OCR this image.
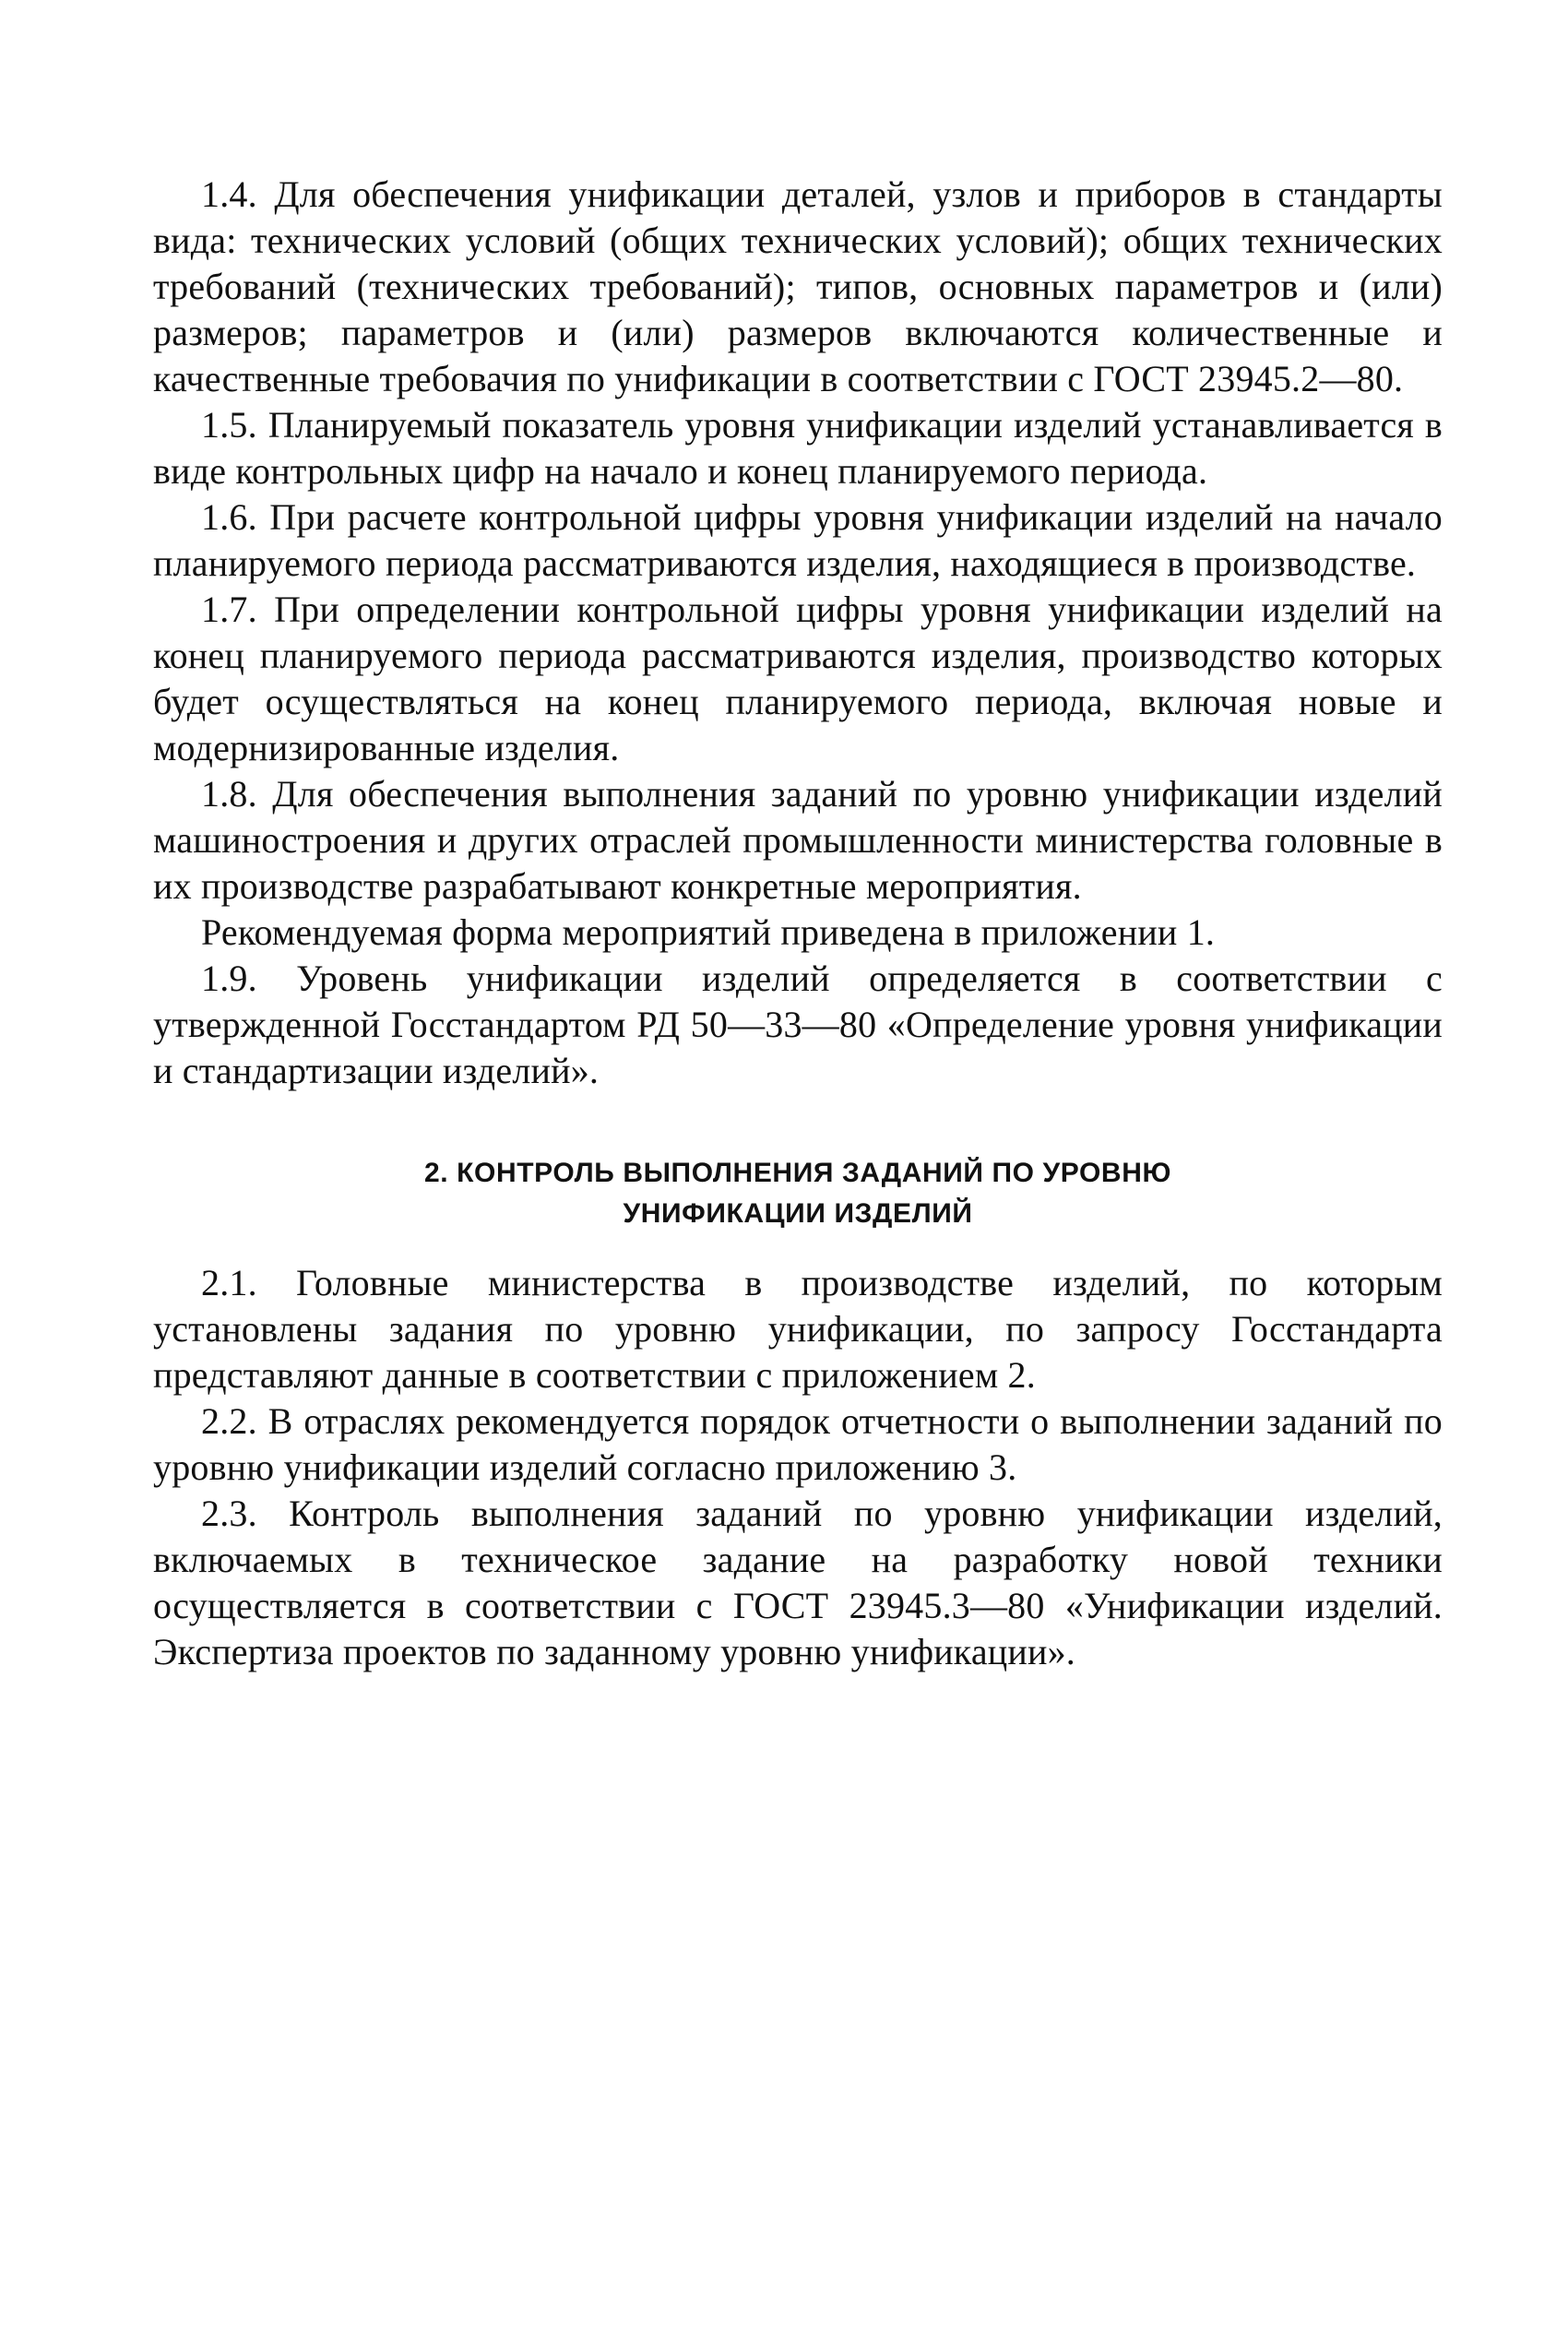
1.4. Для обеспечения унификации деталей, узлов и приборов в стандарты вида: технических условий (общих технических условий); общих технических требований (технических требований); типов, основных параметров и (или) размеров; параметров и (или) размеров включаются количественные и качественные требовачия по унификации в соответствии с ГОСТ 23945.2—80.

1.5. Планируемый показатель уровня унификации изделий устанавливается в виде контрольных цифр на начало и конец планируемого периода.

1.6. При расчете контрольной цифры уровня унификации изделий на начало планируемого периода рассматриваются изделия, находящиеся в производстве.

1.7. При определении контрольной цифры уровня унификации изделий на конец планируемого периода рассматриваются изделия, производство которых будет осуществляться на конец планируемого периода, включая новые и модернизированные изделия.

1.8. Для обеспечения выполнения заданий по уровню унификации изделий машиностроения и других отраслей промышленности министерства головные в их производстве разрабатывают конкретные мероприятия.

Рекомендуемая форма мероприятий приведена в приложении 1.

1.9. Уровень унификации изделий определяется в соответствии с утвержденной Госстандартом РД 50—33—80 «Определение уровня унификации и стандартизации изделий».

2. КОНТРОЛЬ ВЫПОЛНЕНИЯ ЗАДАНИЙ ПО УРОВНЮ
УНИФИКАЦИИ ИЗДЕЛИЙ

2.1. Головные министерства в производстве изделий, по которым установлены задания по уровню унификации, по запросу Госстандарта представляют данные в соответствии с приложением 2.

2.2. В отраслях рекомендуется порядок отчетности о выполнении заданий по уровню унификации изделий согласно приложению 3.

2.3. Контроль выполнения заданий по уровню унификации изделий, включаемых в техническое задание на разработку новой техники осуществляется в соответствии с ГОСТ 23945.3—80 «Унификации изделий. Экспертиза проектов по заданному уровню унификации».
